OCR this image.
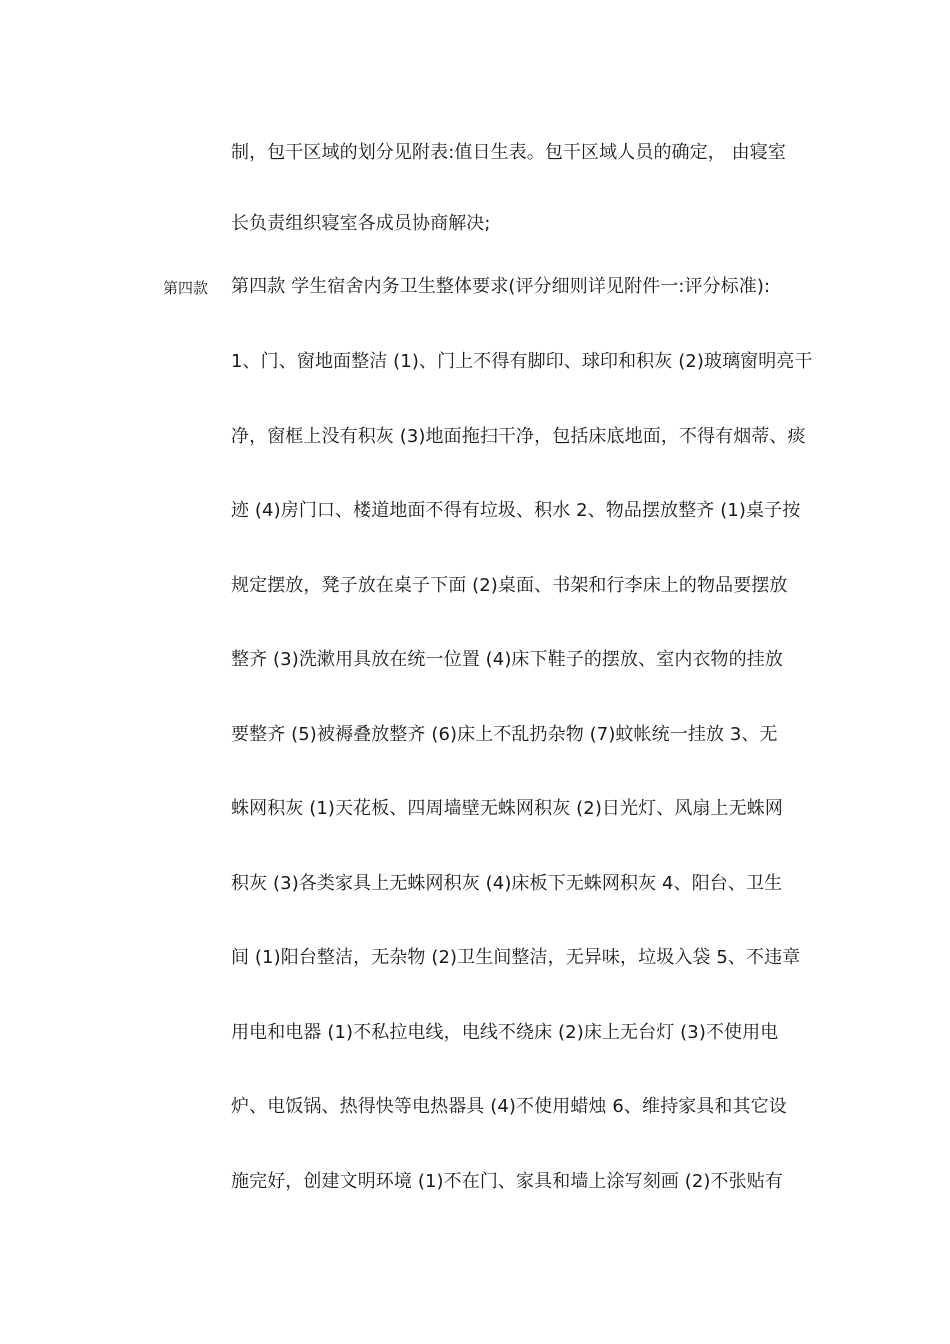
制，包干区域的划分见附表:值日生表。包干区域人员的确定， 由寝室
长负责组织寝室各成员协商解决;
第四款 第四款 学生宿舍内务卫生整体要求(评分细则详见附件一:评分标准):
1、门、窗地面整洁 (1)、门上不得有脚印、球印和积灰 (2)玻璃窗明亮干
净，窗框上没有积灰 (3)地面拖扫干净，包括床底地面，不得有烟蒂、痰
迹 (4)房门口、楼道地面不得有垃圾、积水 2、物品摆放整齐 (1)桌子按
规定摆放，凳子放在桌子下面 (2)桌面、书架和行李床上的物品要摆放
整齐 (3)洗漱用具放在统一位置 (4)床下鞋子的摆放、室内衣物的挂放
要整齐 (5)被褥叠放整齐 (6)床上不乱扔杂物 (7)蚊帐统一挂放 3、无
蛛网积灰 (1)天花板、四周墙壁无蛛网积灰 (2)日光灯、风扇上无蛛网
积灰 (3)各类家具上无蛛网积灰 (4)床板下无蛛网积灰 4、阳台、卫生
间 (1)阳台整洁，无杂物 (2)卫生间整洁，无异味，垃圾入袋 5、不违章
用电和电器 (1)不私拉电线，电线不绕床 (2)床上无台灯 (3)不使用电
炉、电饭锅、热得快等电热器具 (4)不使用蜡烛 6、维持家具和其它设
施完好，创建文明环境 (1)不在门、家具和墙上涂写刻画 (2)不张贴有
